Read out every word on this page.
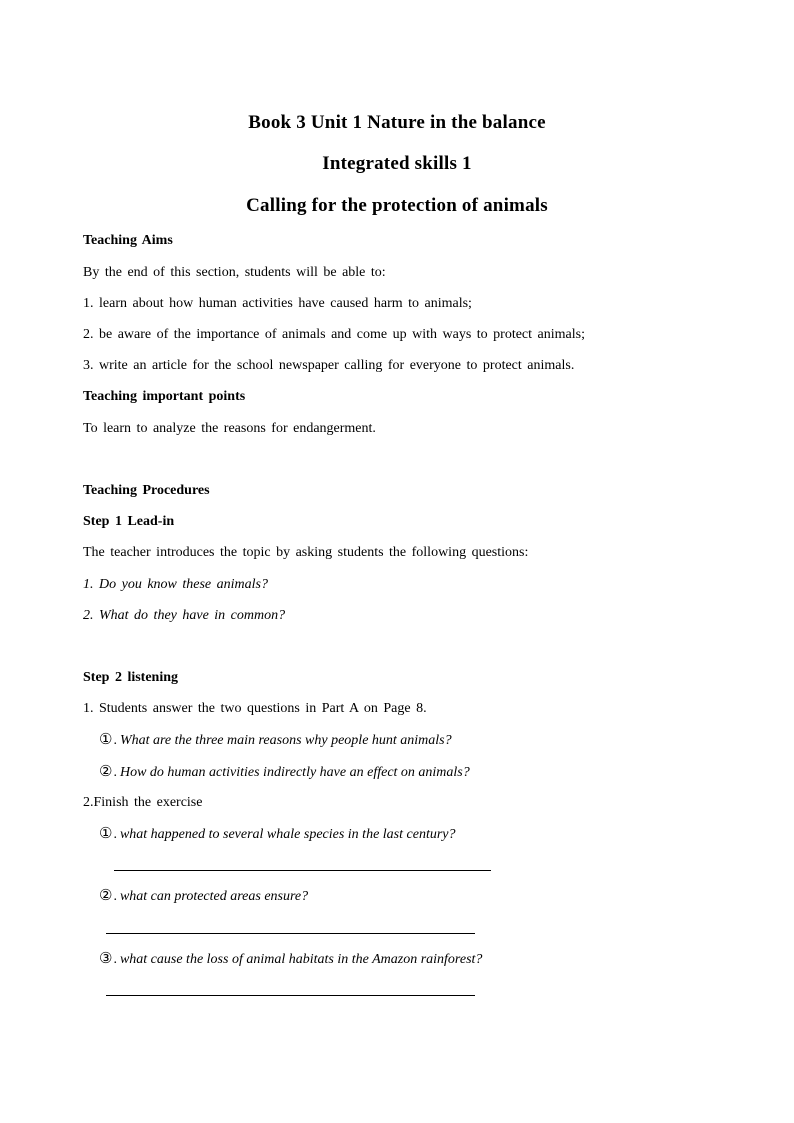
Book 3 Unit 1 Nature in the balance
Integrated skills 1
Calling for the protection of animals
Teaching Aims
By the end of this section, students will be able to:
1. learn about how human activities have caused harm to animals;
2. be aware of the importance of animals and come up with ways to protect animals;
3. write an article for the school newspaper calling for everyone to protect animals.
Teaching important points
To learn to analyze the reasons for endangerment.
Teaching Procedures
Step 1 Lead-in
The teacher introduces the topic by asking students the following questions:
1. Do you know these animals?
2. What do they have in common?
Step 2 listening
1. Students answer the two questions in Part A on Page 8.
①. What are the three main reasons why people hunt animals?
②. How do human activities indirectly have an effect on animals?
2.Finish the exercise
①. what happened to several whale species in the last century?
②. what can protected areas ensure?
③. what cause the loss of animal habitats in the Amazon rainforest?
